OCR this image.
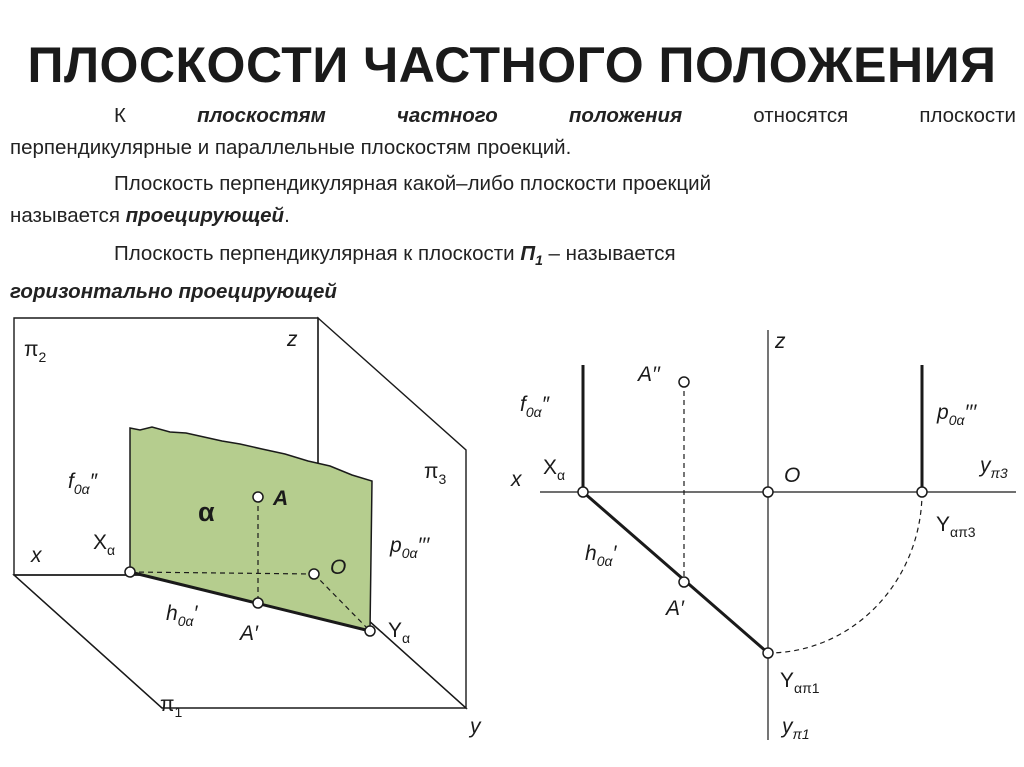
ПЛОСКОСТИ ЧАСТНОГО ПОЛОЖЕНИЯ
К	плоскостям	частного	положения	относятся	плоскости
перпендикулярные и параллельные плоскостям проекций.
Плоскость перпендикулярная какой–либо плоскости проекций
называется проецирующей.
Плоскость перпендикулярная к плоскости $П_1$ – называется
горизонтально проецирующей
$\pi_2$
z
$\pi_3$
$f_{0\alpha}''$
x
$X_\alpha$
α	A
O
$p_{0\alpha}'''$
$h_{0\alpha}'$
A′	$Y_\alpha$
$\pi_1$
y
z
A′′
$f_{0\alpha}''$	$p_{0\alpha}'''$
x
$X_\alpha$	O	$y_{\pi 3}$
$Y_{\alpha\pi 3}$
$h_{0\alpha}'$
A′
$Y_{\alpha\pi 1}$
$y_{\pi 1}$
